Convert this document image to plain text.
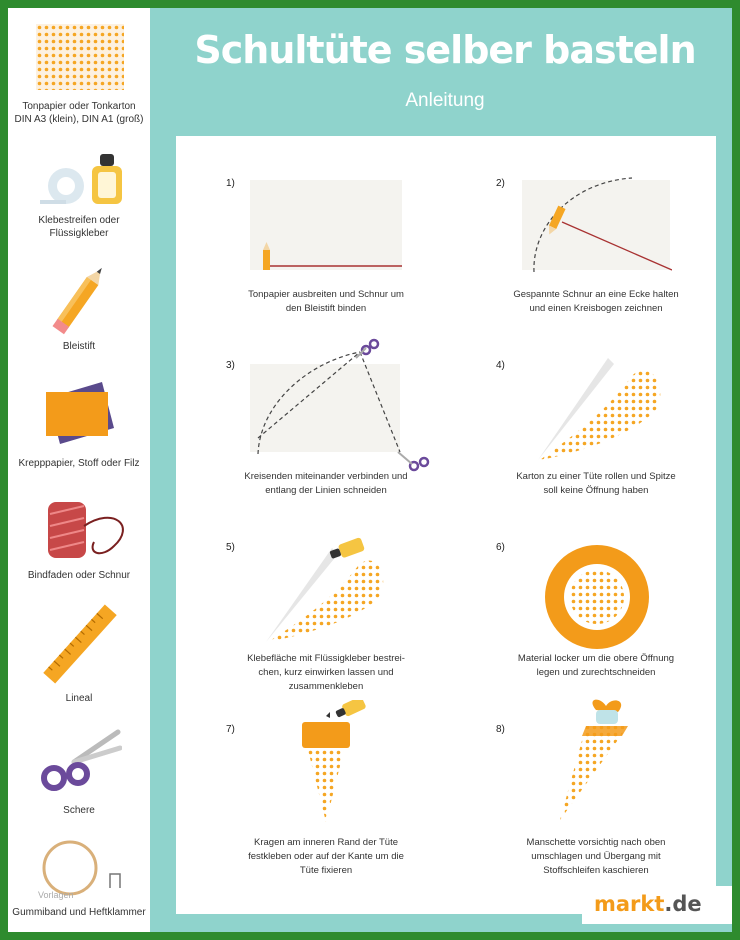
Tonpapier oder Tonkarton
DIN A3 (klein), DIN A1 (groß)
Klebestreifen oder
Flüssigkleber
Bleistift
Krepppapier, Stoff oder Filz
Bindfaden oder Schnur
Lineal
Schere
Gummiband und Heftklammer
Vorlagen
Schultüte selber basteln
Anleitung
1)
Tonpapier ausbreiten und Schnur um
den Bleistift binden
2)
Gespannte Schnur an eine Ecke halten
und einen Kreisbogen zeichnen
3)
Kreisenden miteinander verbinden und
entlang der Linien schneiden
4)
Karton zu einer Tüte rollen und Spitze
soll keine Öffnung haben
5)
Klebefläche mit Flüssigkleber bestrei-
chen, kurz einwirken lassen und
zusammenkleben
6)
Material locker um die obere Öffnung
legen und zurechtschneiden
7)
Kragen am inneren Rand der Tüte
festkleben oder auf der Kante um die
Tüte fixieren
8)
Manschette vorsichtig nach oben
umschlagen und Übergang mit
Stoffschleifen kaschieren
markt.de
